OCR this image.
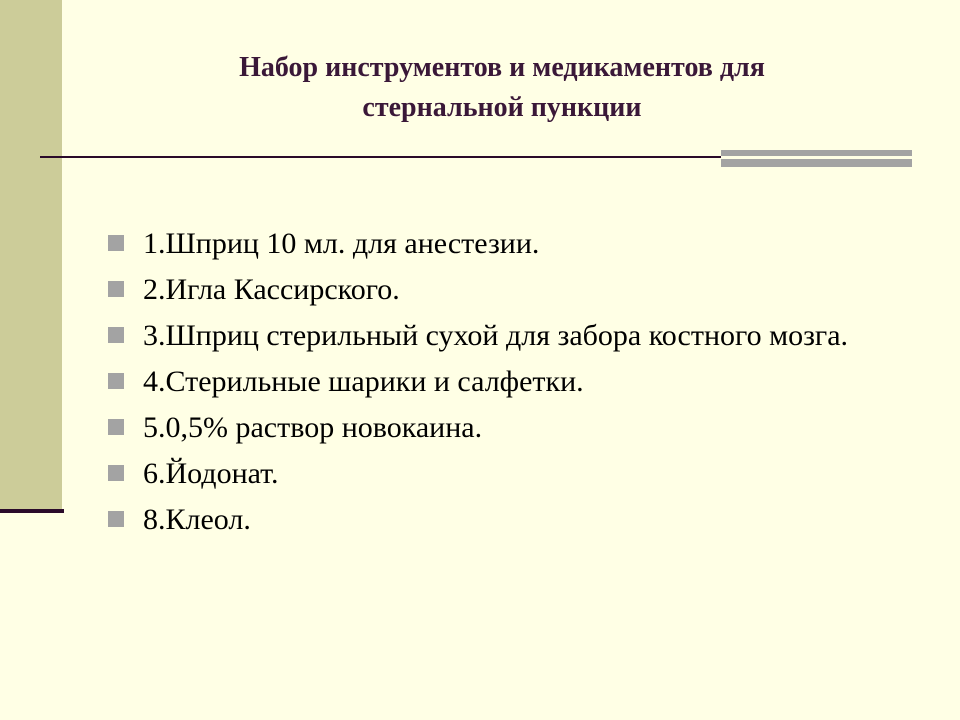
Набор инструментов и медикаментов для
стернальной пункции
1.Шприц 10 мл. для анестезии.
2.Игла Кассирского.
3.Шприц стерильный сухой для забора костного мозга.
4.Стерильные шарики и салфетки.
5.0,5% раствор новокаина.
6.Йодонат.
8.Клеол.
